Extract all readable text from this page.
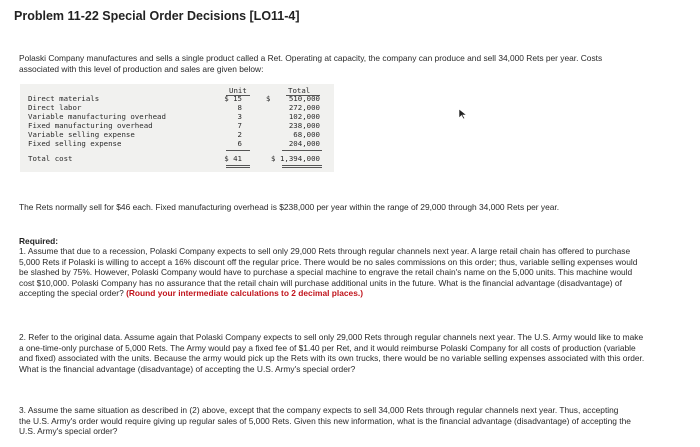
Problem 11-22 Special Order Decisions [LO11-4]
Polaski Company manufactures and sells a single product called a Ret. Operating at capacity, the company can produce and sell 34,000 Rets per year. Costs associated with this level of production and sales are given below:
Unit	Total
Direct materials	$ 15	$ 510,000
Direct labor	8	272,000
Variable manufacturing overhead	3	102,000
Fixed manufacturing overhead	7	238,000
Variable selling expense	2	68,000
Fixed selling expense	6	204,000
Total cost	$ 41	$ 1,394,000
The Rets normally sell for $46 each. Fixed manufacturing overhead is $238,000 per year within the range of 29,000 through 34,000 Rets per year.
Required:
1. Assume that due to a recession, Polaski Company expects to sell only 29,000 Rets through regular channels next year. A large retail chain has offered to purchase 5,000 Rets if Polaski is willing to accept a 16% discount off the regular price. There would be no sales commissions on this order; thus, variable selling expenses would be slashed by 75%. However, Polaski Company would have to purchase a special machine to engrave the retail chain's name on the 5,000 units. This machine would cost $10,000. Polaski Company has no assurance that the retail chain will purchase additional units in the future. What is the financial advantage (disadvantage) of accepting the special order? (Round your intermediate calculations to 2 decimal places.)
2. Refer to the original data. Assume again that Polaski Company expects to sell only 29,000 Rets through regular channels next year. The U.S. Army would like to make a one-time-only purchase of 5,000 Rets. The Army would pay a fixed fee of $1.40 per Ret, and it would reimburse Polaski Company for all costs of production (variable and fixed) associated with the units. Because the army would pick up the Rets with its own trucks, there would be no variable selling expenses associated with this order. What is the financial advantage (disadvantage) of accepting the U.S. Army's special order?
3. Assume the same situation as described in (2) above, except that the company expects to sell 34,000 Rets through regular channels next year. Thus, accepting the U.S. Army's order would require giving up regular sales of 5,000 Rets. Given this new information, what is the financial advantage (disadvantage) of accepting the U.S. Army's special order?
